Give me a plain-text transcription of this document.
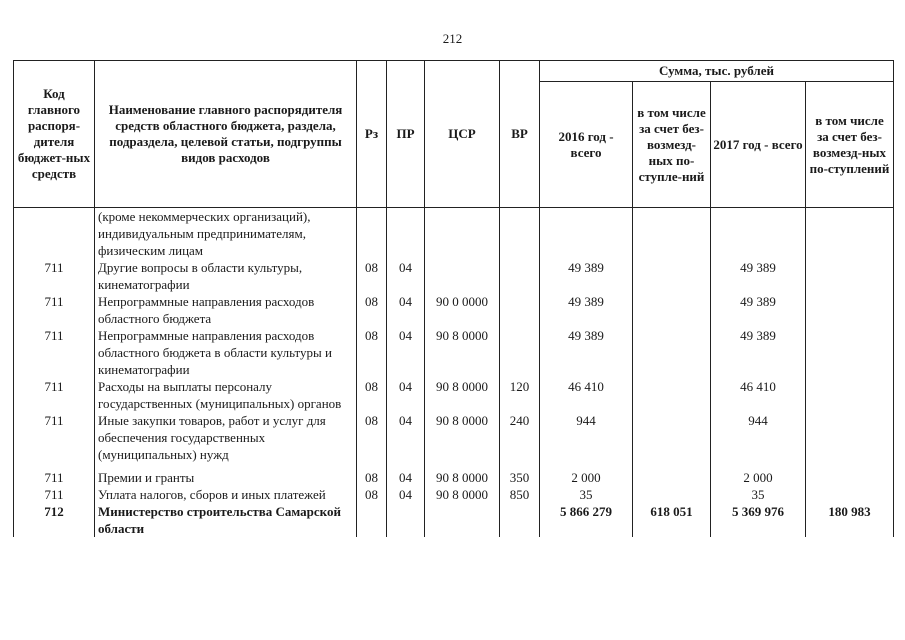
212
Код главного распоря-дителя бюджет-ных средств	Наименование главного распорядителя средств областного бюджета, раздела, подраздела, целевой статьи, подгруппы видов расходов	Рз	ПР	ЦСР	ВР	Сумма, тыс. рублей			
						2016 год - всего	в том числе за счет без-возмезд-ных по-ступле-ний	2017 год - всего	в том числе за счет без-возмезд-ных по-ступлений
	(кроме некоммерческих организаций), индивидуальным предпринимателям, физическим лицам								
711	Другие вопросы в области культуры, кинематографии	08	04			49 389		49 389	
711	Непрограммные направления расходов областного бюджета	08	04	90 0 0000		49 389		49 389	
711	Непрограммные направления расходов областного бюджета в области культуры и кинематографии	08	04	90 8 0000		49 389		49 389	
711	Расходы на выплаты персоналу государственных (муниципальных) органов	08	04	90 8 0000	120	46 410		46 410	
711	Иные закупки товаров, работ и услуг для обеспечения государственных (муниципальных) нужд	08	04	90 8 0000	240	944		944	

711	Премии и гранты	08	04	90 8 0000	350	2 000		2 000	
711	Уплата налогов, сборов и иных платежей	08	04	90 8 0000	850	35		35	
712	Министерство строительства Самарской области					5 866 279	618 051	5 369 976	180 983
